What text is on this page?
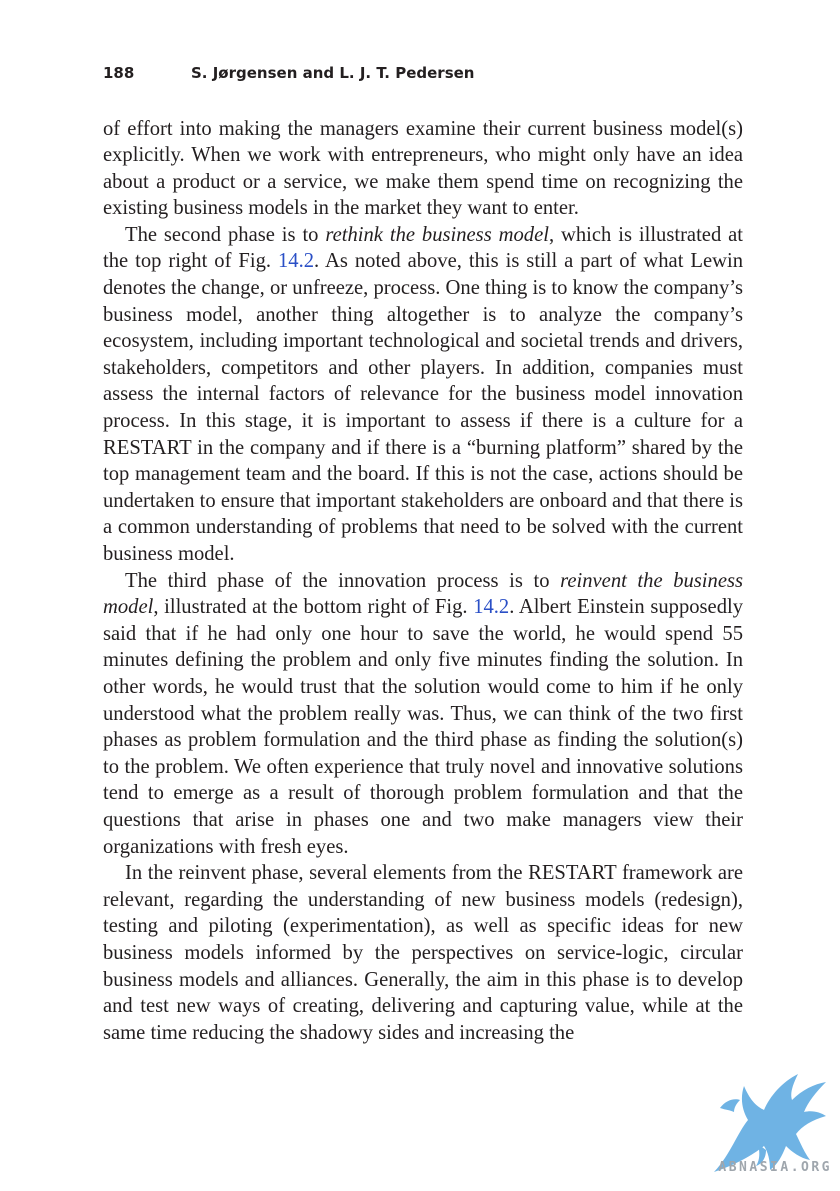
188	S. Jørgensen and L. J. T. Pedersen

of effort into making the managers examine their current business model(s) explicitly. When we work with entrepreneurs, who might only have an idea about a product or a service, we make them spend time on recognizing the existing business models in the market they want to enter.

The second phase is to rethink the business model, which is illustrated at the top right of Fig. 14.2. As noted above, this is still a part of what Lewin denotes the change, or unfreeze, process. One thing is to know the company’s business model, another thing altogether is to analyze the company’s ecosystem, including important technological and societal trends and drivers, stakeholders, competitors and other players. In addition, companies must assess the internal factors of relevance for the business model innovation process. In this stage, it is important to assess if there is a culture for a RESTART in the company and if there is a “burning platform” shared by the top management team and the board. If this is not the case, actions should be undertaken to ensure that important stakeholders are onboard and that there is a common understanding of problems that need to be solved with the current business model.

The third phase of the innovation process is to reinvent the business model, illustrated at the bottom right of Fig. 14.2. Albert Einstein supposedly said that if he had only one hour to save the world, he would spend 55 minutes defining the problem and only five minutes finding the solution. In other words, he would trust that the solution would come to him if he only understood what the problem really was. Thus, we can think of the two first phases as problem formulation and the third phase as finding the solution(s) to the problem. We often experience that truly novel and innovative solutions tend to emerge as a result of thorough problem formulation and that the questions that arise in phases one and two make managers view their organizations with fresh eyes.

In the reinvent phase, several elements from the RESTART framework are relevant, regarding the understanding of new business models (redesign), testing and piloting (experimentation), as well as specific ideas for new business models informed by the perspectives on service-logic, circular business models and alliances. Generally, the aim in this phase is to develop and test new ways of creating, delivering and capturing value, while at the same time reducing the shadowy sides and increasing the

ABNASIA.ORG
